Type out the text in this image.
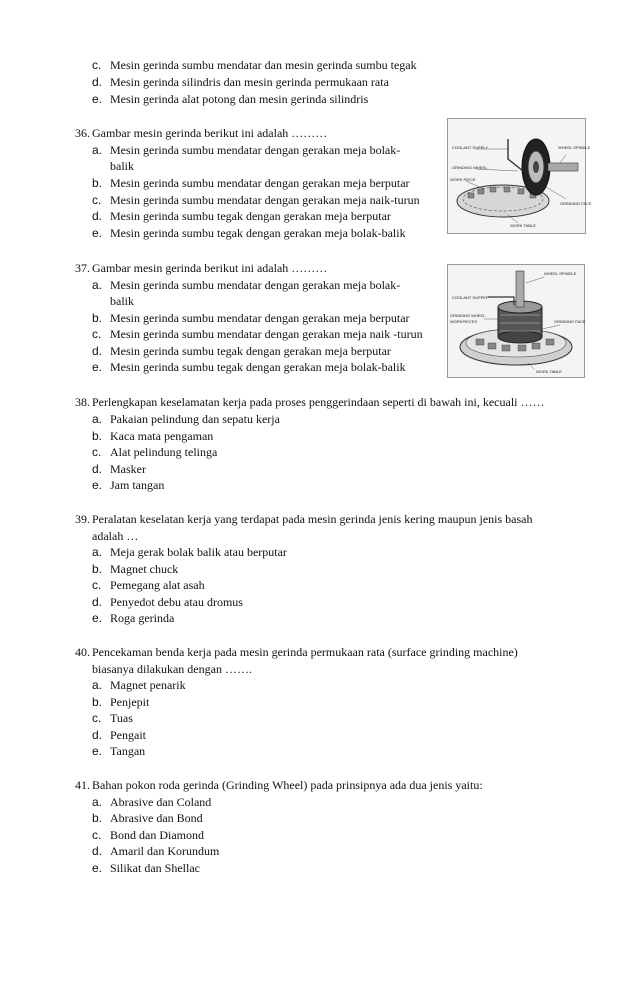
c. Mesin gerinda sumbu mendatar dan mesin gerinda sumbu tegak
d. Mesin gerinda silindris dan mesin gerinda permukaan rata
e. Mesin gerinda alat potong dan mesin gerinda silindris
36. Gambar mesin gerinda berikut ini adalah ………
a. Mesin gerinda sumbu mendatar dengan gerakan meja bolak-
balik
b. Mesin gerinda sumbu mendatar dengan gerakan meja berputar
c. Mesin gerinda sumbu mendatar dengan gerakan meja naik-turun
d. Mesin gerinda sumbu tegak dengan gerakan meja berputar
e. Mesin gerinda sumbu tegak dengan gerakan meja bolak-balik
COOLANT SUPPLY
GRINDING WHEEL
WORK PIECE
WHEEL SPINDLE
GRINDING FACE
WORK TABLE
37. Gambar mesin gerinda berikut ini adalah ………
a. Mesin gerinda sumbu mendatar dengan gerakan meja bolak-
balik
b. Mesin gerinda sumbu mendatar dengan gerakan meja berputar
c. Mesin gerinda sumbu mendatar dengan gerakan meja naik -turun
d. Mesin gerinda sumbu tegak dengan gerakan meja berputar
e. Mesin gerinda sumbu tegak dengan gerakan meja bolak-balik
WHEEL SPINDLE
COOLANT SUPPLY
GRINDING WHEEL
WORKPIECES	GRINDING FACE
WORK TABLE
38. Perlengkapan keselamatan kerja pada proses penggerindaan seperti di bawah ini, kecuali ……
a. Pakaian pelindung dan sepatu kerja
b. Kaca mata pengaman
c. Alat pelindung telinga
d. Masker
e. Jam tangan
39. Peralatan keselatan kerja yang terdapat pada mesin gerinda jenis kering maupun jenis basah
adalah …
a. Meja gerak bolak balik atau berputar
b. Magnet chuck
c. Pemegang alat asah
d. Penyedot debu atau dromus
e. Roga gerinda
40. Pencekaman benda kerja pada mesin gerinda permukaan rata (surface grinding machine)
biasanya dilakukan dengan …….
a. Magnet penarik
b. Penjepit
c. Tuas
d. Pengait
e. Tangan
41. Bahan pokon roda gerinda (Grinding Wheel) pada prinsipnya ada dua jenis yaitu:
a. Abrasive dan Coland
b. Abrasive dan Bond
c. Bond dan Diamond
d. Amaril dan Korundum
e. Silikat dan Shellac
